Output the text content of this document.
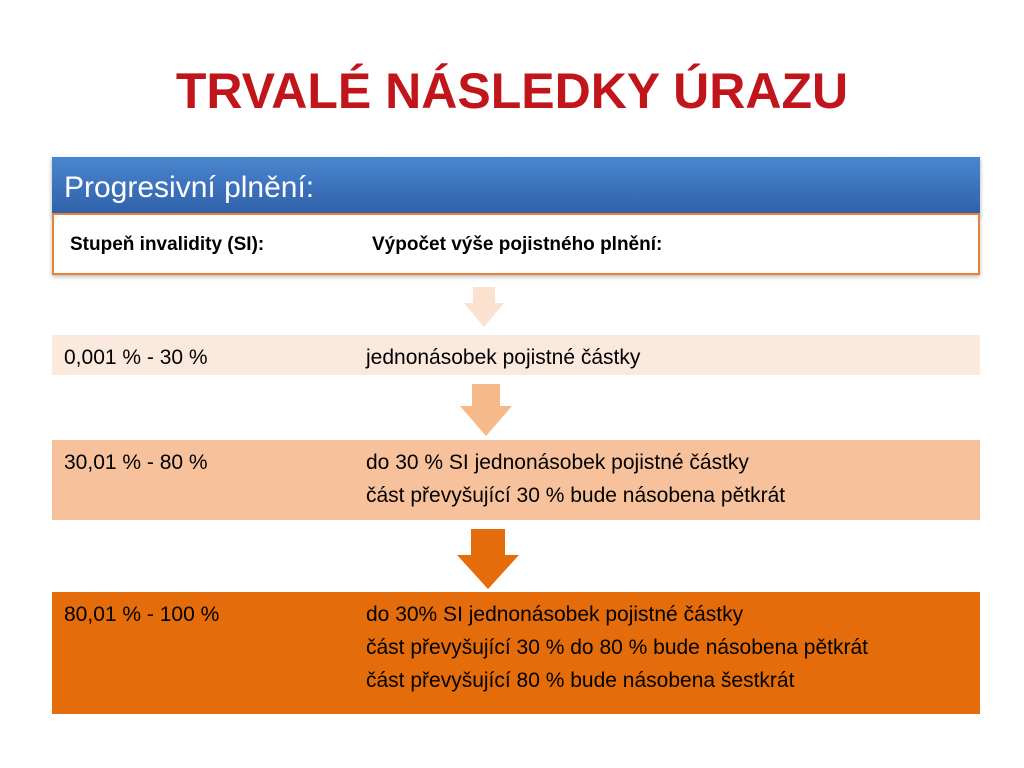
TRVALÉ NÁSLEDKY ÚRAZU
Progresivní plnění:
Stupeň invalidity (SI):	Výpočet výše pojistného plnění:
0,001 % - 30 %	jednonásobek pojistné částky
30,01 % - 80 %	do 30 % SI jednonásobek pojistné částky
část převyšující 30 % bude násobena pětkrát
80,01 % - 100 %	do 30% SI jednonásobek pojistné částky
část převyšující 30 % do 80 % bude násobena pětkrát
část převyšující 80 % bude násobena šestkrát
